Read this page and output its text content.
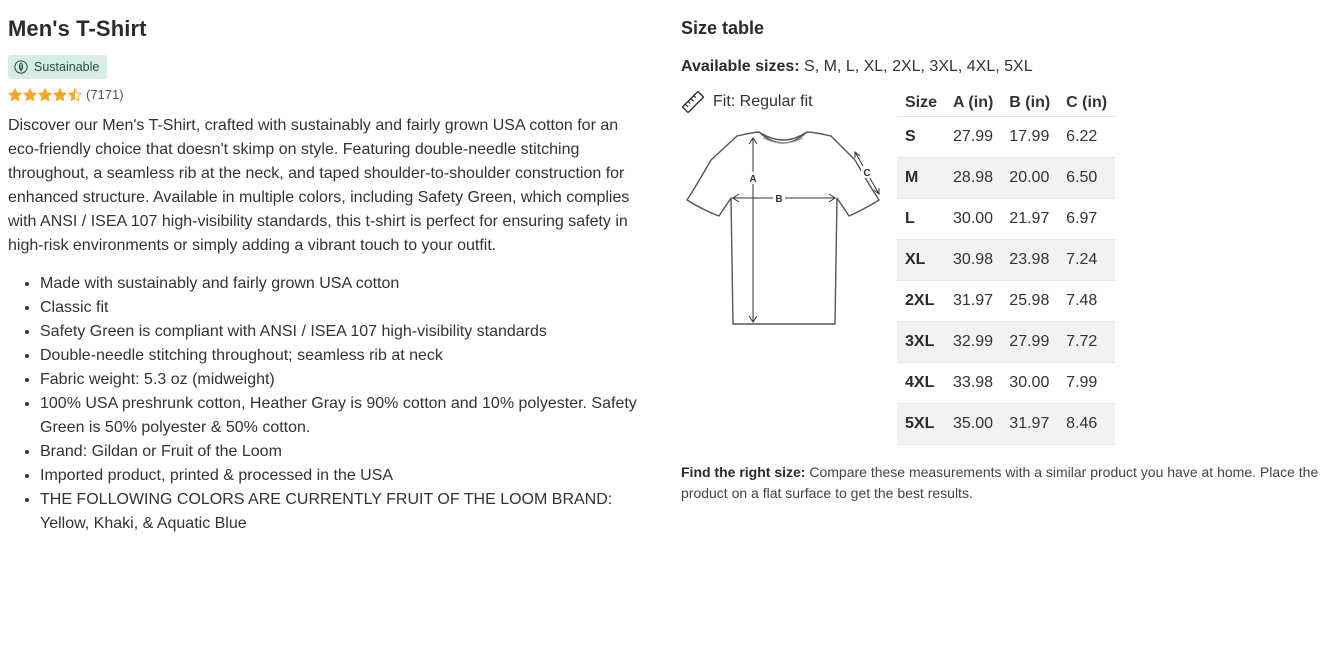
Men's T-Shirt
Sustainable
(7171)

Discover our Men's T-Shirt, crafted with sustainably and fairly grown USA cotton for an eco-friendly choice that doesn't skimp on style. Featuring double-needle stitching throughout, a seamless rib at the neck, and taped shoulder-to-shoulder construction for enhanced structure. Available in multiple colors, including Safety Green, which complies with ANSI / ISEA 107 high-visibility standards, this t-shirt is perfect for ensuring safety in high-risk environments or simply adding a vibrant touch to your outfit.

• Made with sustainably and fairly grown USA cotton
• Classic fit
• Safety Green is compliant with ANSI / ISEA 107 high-visibility standards
• Double-needle stitching throughout; seamless rib at neck
• Fabric weight: 5.3 oz (midweight)
• 100% USA preshrunk cotton, Heather Gray is 90% cotton and 10% polyester. Safety Green is 50% polyester & 50% cotton.
• Brand: Gildan or Fruit of the Loom
• Imported product, printed & processed in the USA
• THE FOLLOWING COLORS ARE CURRENTLY FRUIT OF THE LOOM BRAND: Yellow, Khaki, & Aquatic Blue
Size table
Available sizes: S, M, L, XL, 2XL, 3XL, 4XL, 5XL
Fit: Regular fit
A
B
C
Size	A (in)	B (in)	C (in)
S	27.99	17.99	6.22
M	28.98	20.00	6.50
L	30.00	21.97	6.97
XL	30.98	23.98	7.24
2XL	31.97	25.98	7.48
3XL	32.99	27.99	7.72
4XL	33.98	30.00	7.99
5XL	35.00	31.97	8.46
Find the right size: Compare these measurements with a similar product you have at home. Place the product on a flat surface to get the best results.
